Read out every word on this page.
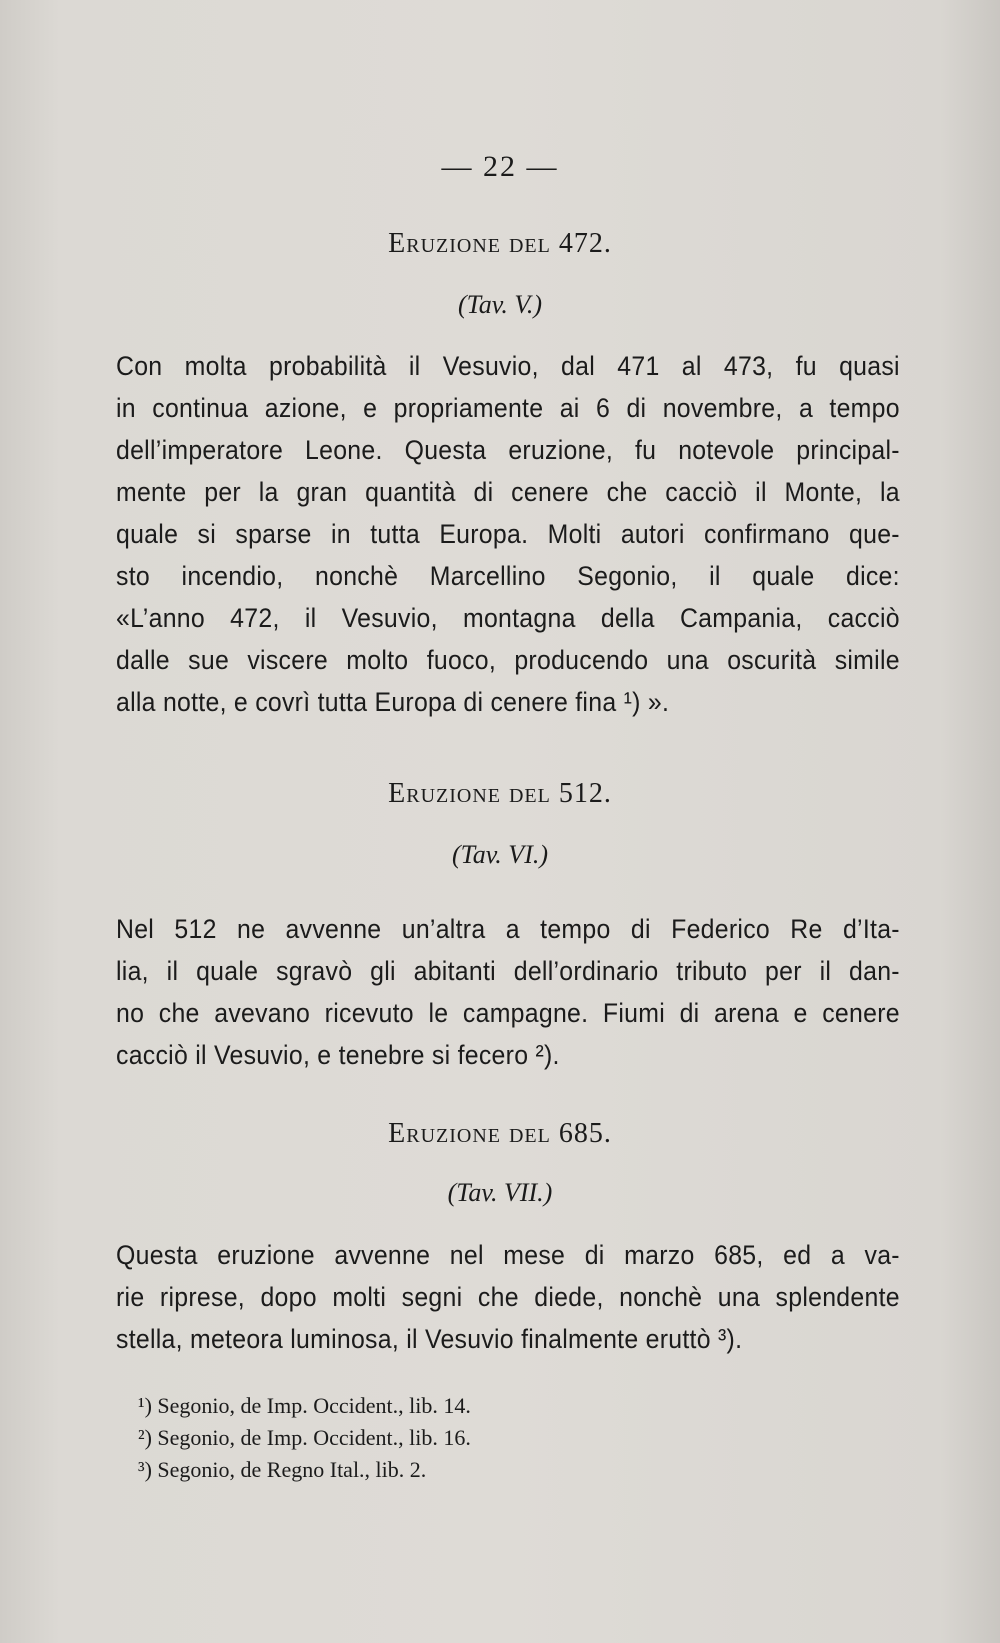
— 22 —
Eruzione del 472.
(Tav. V.)
Con molta probabilità il Vesuvio, dal 471 al 473, fu quasi
in continua azione, e propriamente ai 6 di novembre, a tempo
dell’imperatore Leone. Questa eruzione, fu notevole principal-
mente per la gran quantità di cenere che cacciò il Monte, la
quale si sparse in tutta Europa. Molti autori confirmano que-
sto incendio, nonchè Marcellino Segonio, il quale dice:
«L’anno 472, il Vesuvio, montagna della Campania, cacciò
dalle sue viscere molto fuoco, producendo una oscurità simile
alla notte, e covrì tutta Europa di cenere fina ¹) ».
Eruzione del 512.
(Tav. VI.)
Nel 512 ne avvenne un’altra a tempo di Federico Re d’Ita-
lia, il quale sgravò gli abitanti dell’ordinario tributo per il dan-
no che avevano ricevuto le campagne. Fiumi di arena e cenere
cacciò il Vesuvio, e tenebre si fecero ²).
Eruzione del 685.
(Tav. VII.)
Questa eruzione avvenne nel mese di marzo 685, ed a va-
rie riprese, dopo molti segni che diede, nonchè una splendente
stella, meteora luminosa, il Vesuvio finalmente eruttò ³).
¹) Segonio, de Imp. Occident., lib. 14.
²) Segonio, de Imp. Occident., lib. 16.
³) Segonio, de Regno Ital., lib. 2.
